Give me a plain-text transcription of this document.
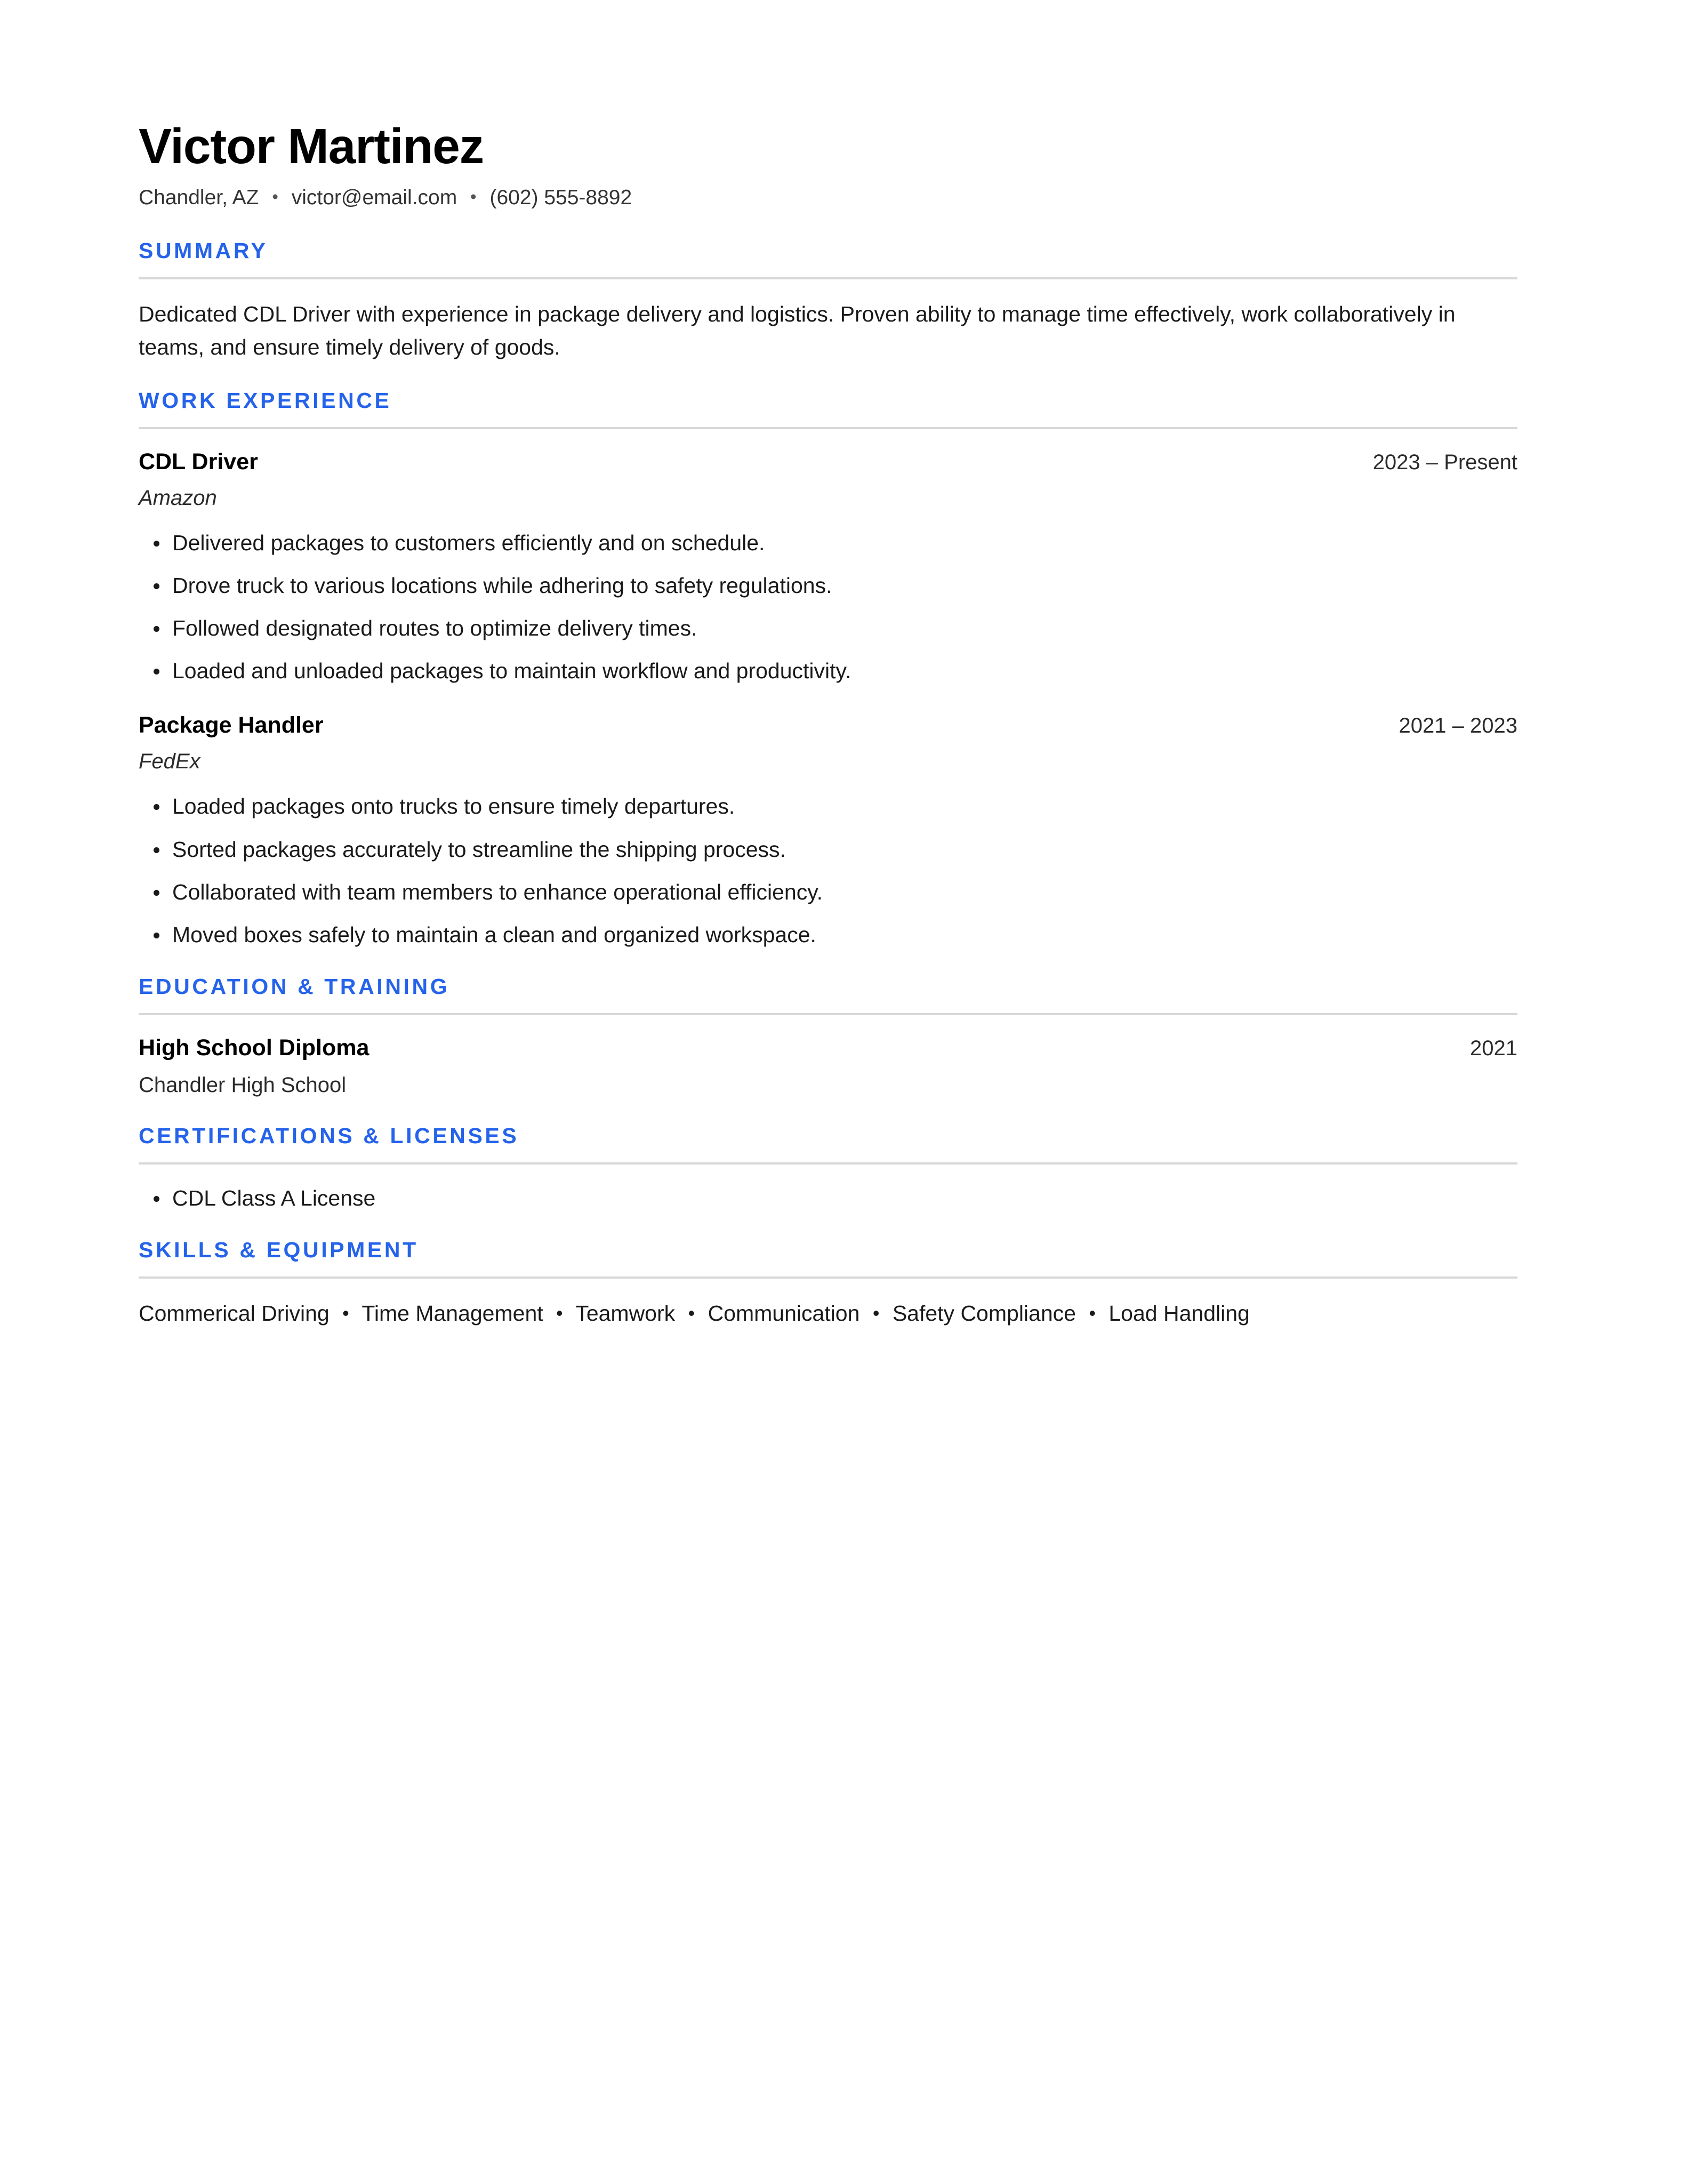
Victor Martinez
Chandler, AZ • victor@email.com • (602) 555-8892
SUMMARY

Dedicated CDL Driver with experience in package delivery and logistics. Proven ability to manage time effectively, work collaboratively in teams, and ensure timely delivery of goods.

WORK EXPERIENCE
CDL Driver	2023 – Present
Amazon
Delivered packages to customers efficiently and on schedule.
Drove truck to various locations while adhering to safety regulations.
Followed designated routes to optimize delivery times.
Loaded and unloaded packages to maintain workflow and productivity.
Package Handler	2021 – 2023
FedEx
Loaded packages onto trucks to ensure timely departures.
Sorted packages accurately to streamline the shipping process.
Collaborated with team members to enhance operational efficiency.
Moved boxes safely to maintain a clean and organized workspace.
EDUCATION & TRAINING
High School Diploma	2021
Chandler High School
CERTIFICATIONS & LICENSES
CDL Class A License
SKILLS & EQUIPMENT
Commerical Driving • Time Management • Teamwork • Communication • Safety Compliance • Load Handling
